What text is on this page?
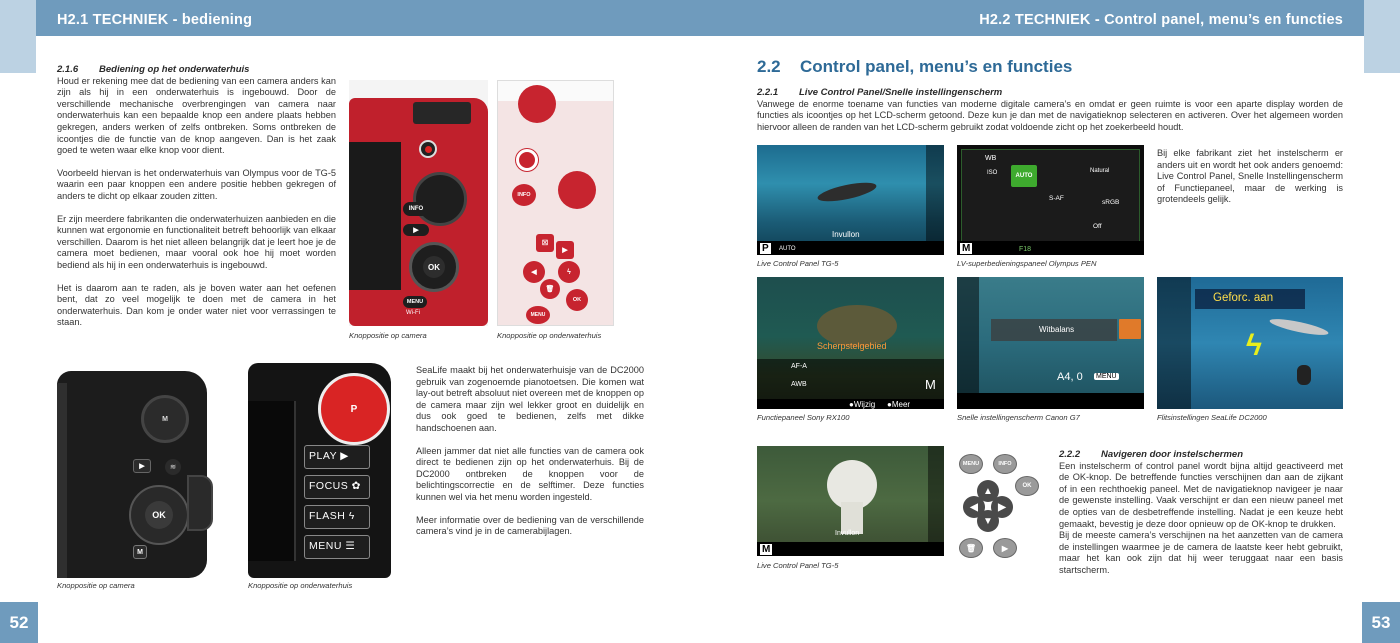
H2.1 TECHNIEK - bediening	H2.2 TECHNIEK - Control panel, menu’s en functies
52	53
2.1.6 Bediening op het onderwaterhuis

Houd er rekening mee dat de bediening van een camera anders kan zijn als hij in een onderwaterhuis is ingebouwd. Door de verschillende mechanische overbrengingen van camera naar onderwaterhuis kan een bepaalde knop een andere plaats hebben gekregen, anders werken of zelfs ontbreken. Soms ontbreken de icoontjes die de functie van de knop aangeven. Dan is het zaak goed te weten waar elke knop voor dient.

Voorbeeld hiervan is het onderwaterhuis van Olympus voor de TG-5 waarin een paar knoppen een andere positie hebben gekregen of anders te dicht op elkaar zouden zitten.

Er zijn meerdere fabrikanten die onderwaterhuizen aanbieden en die kunnen wat ergonomie en functionaliteit betreft behoorlijk van elkaar verschillen. Daarom is het niet alleen belangrijk dat je leert hoe je de camera moet bedienen, maar vooral ook hoe hij moet worden bediend als hij in een onderwaterhuis is ingebouwd.

Het is daarom aan te raden, als je boven water aan het oefenen bent, dat zo veel mogelijk te doen met de camera in het onderwaterhuis. Dan kom je onder water niet voor verrassingen te staan.

INFO
▶
OK
MENU
Wi-Fi
INFO
▶
☒
◀	ϟ
🗑
OK
MENU
Knoppositie op camera	Knoppositie op onderwaterhuis
M
▶	≋
OK
M
P
PLAY ▶
FOCUS ✿
FLASH ϟ
MENU ☰
Knoppositie op camera	Knoppositie op onderwaterhuis

SeaLife maakt bij het onderwaterhuisje van de DC2000 gebruik van zogenoemde pianotoetsen. Die komen wat lay-out betreft absoluut niet overeen met de knoppen op de camera maar zijn wel lekker groot en duidelijk en dus ook goed te bedienen, zelfs met dikke handschoenen aan.

Alleen jammer dat niet alle functies van de camera ook direct te bedienen zijn op het onderwaterhuis. Bij de DC2000 ontbreken de knoppen voor de belichtingscorrectie en de selftimer. Deze functies kunnen wel via het menu worden ingesteld.

Meer informatie over de bediening van de verschillende camera’s vind je in de camerabijlagen.

2.2 Control panel, menu’s en functies
2.2.1 Live Control Panel/Snelle instellingenscherm

Vanwege de enorme toename van functies van moderne digitale camera’s en omdat er geen ruimte is voor een aparte display worden de functies als icoontjes op het LCD-scherm getoond. Deze kun je dan met de navigatieknop selecteren en activeren. Over het algemeen worden hiervoor alleen de randen van het LCD-scherm gebruikt zodat voldoende zicht op het zoekerbeeld houdt.

Invullon
P	AUTO
Live Control Panel TG-5
WB
AUTO
Natural
S-AF
sRGB
Off
ISO
M	F18
LV-superbedieningspaneel Olympus PEN

Bij elke fabrikant ziet het instelscherm er anders uit en wordt het ook anders genoemd: Live Control Panel, Snelle Instellingenscherm of Functiepaneel, maar de werking is grotendeels gelijk.

Scherpstelgebied
AF-A
AWB	M
●Wijzig ●Meer
Functiepaneel Sony RX100
Witbalans
A4, 0 MENU
Snelle instellingenscherm Canon G7
Geforc. aan
ϟ
Flitsinstellingen SeaLife DC2000
Invullon
M
Live Control Panel TG-5
MENU	INFO
OK
▲
◀	▶
▼
🗑	▶
2.2.2 Navigeren door instelschermen
Een instelscherm of control panel wordt bijna altijd geactiveerd met de OK-knop. De betreffende functies verschijnen dan aan de zijkant of in een rechthoekig paneel. Met de navigatieknop navigeer je naar de gewenste instelling. Vaak verschijnt er dan een nieuw paneel met de opties van de desbetreffende instelling. Nadat je een keuze hebt gemaakt, bevestig je deze door opnieuw op de OK-knop te drukken.
Bij de meeste camera’s verschijnen na het aanzetten van de camera de instellingen waarmee je de camera de laatste keer hebt gebruikt, maar het kan ook zijn dat hij weer teruggaat naar een basis startscherm.
